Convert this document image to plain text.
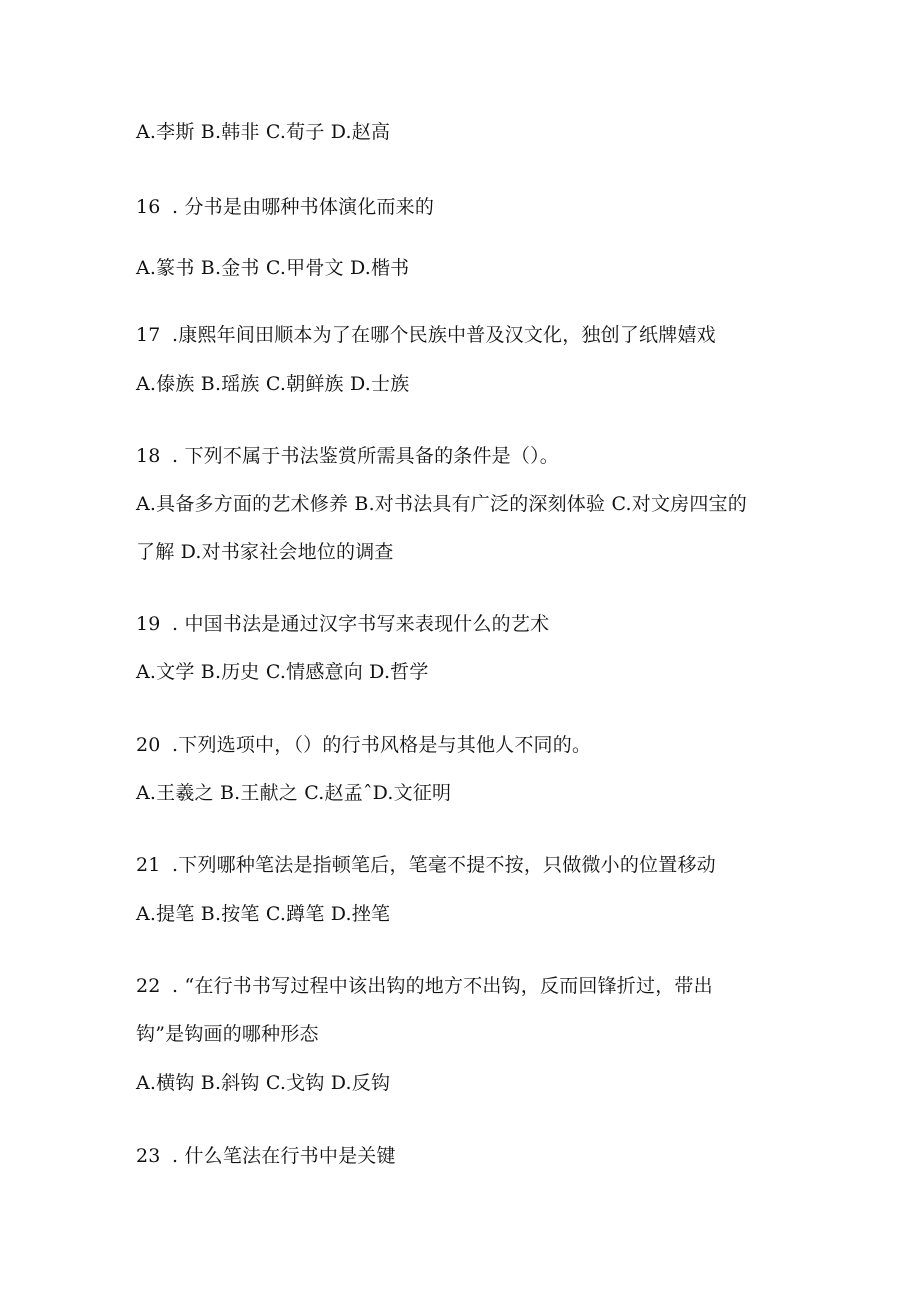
A.李斯 B.韩非 C.荀子 D.赵高
16 . 分书是由哪种书体演化而来的
A.篆书 B.金书 C.甲骨文 D.楷书
17 .康熙年间田顺本为了在哪个民族中普及汉文化，独创了纸牌嬉戏
A.傣族 B.瑶族 C.朝鲜族 D.士族
18 . 下列不属于书法鉴赏所需具备的条件是（）。
A.具备多方面的艺术修养 B.对书法具有广泛的深刻体验 C.对文房四宝的
了解 D.对书家社会地位的调查
19 . 中国书法是通过汉字书写来表现什么的艺术
A.文学 B.历史 C.情感意向 D.哲学
20 .下列选项中，（）的行书风格是与其他人不同的。
A.王羲之 B.王献之 C.赵孟ˆD.文征明
21 .下列哪种笔法是指顿笔后，笔毫不提不按，只做微小的位置移动
A.提笔 B.按笔 C.蹲笔 D.挫笔
22 . “在行书书写过程中该出钩的地方不出钩，反而回锋折过，带出
钩”是钩画的哪种形态
A.横钩 B.斜钩 C.戈钩 D.反钩
23 . 什么笔法在行书中是关键
